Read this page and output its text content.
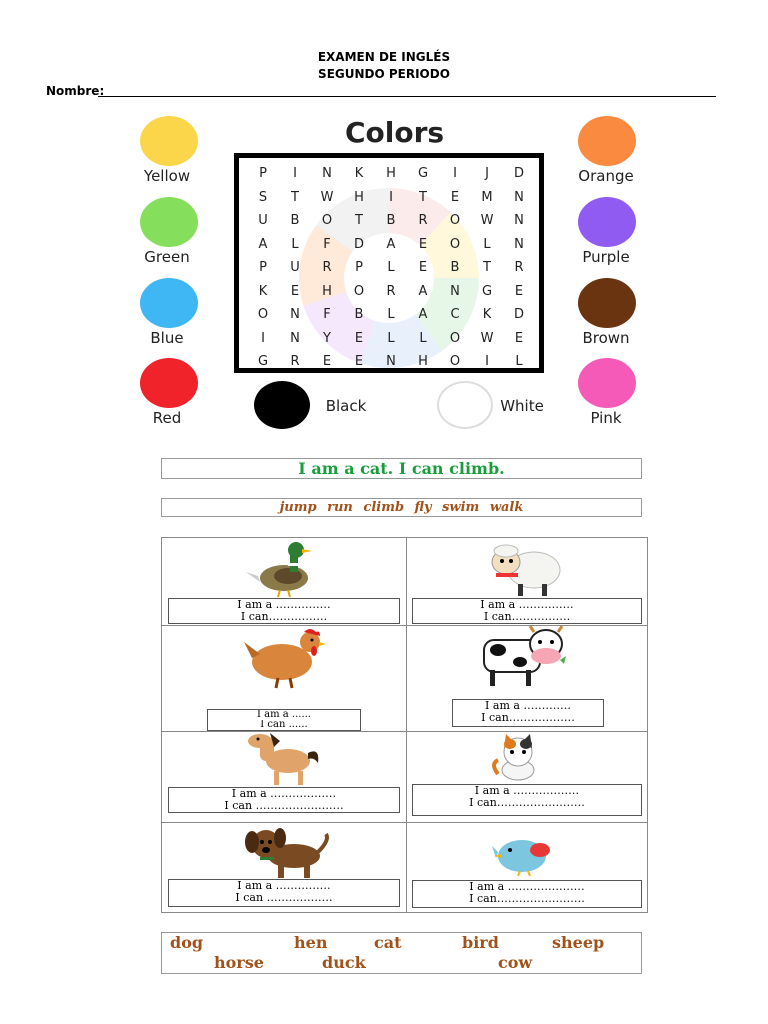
EXAMEN DE INGLÉS
SEGUNDO PERIODO
Nombre:
Colors
Yellow
Green
Blue
Red
Orange
Purple
Brown
Pink
Black	White
P	I	N	K	H	G	I	J	D
S	T	W	H	I	T	E	M	N
U	B	O	T	B	R	O	W	N
A	L	F	D	A	E	O	L	N
P	U	R	P	L	E	B	T	R
K	E	H	O	R	A	N	G	E
O	N	F	B	L	A	C	K	D
I	N	Y	E	L	L	O	W	E
G	R	E	E	N	H	O	I	L
I am a cat. I can climb.
jump run climb fly swim walk
I am a ……………
I can…………….
I am a ……………
I can…………….
I am a ......
I can ......
I am a ………….
I can………………
I am a ………………
I can ……………………
I am a ………………
I can……………………
I am a ……………
I can ………………
I am a …………………
I can……………………
dog	hen	cat	bird	sheep
horse	duck	cow
